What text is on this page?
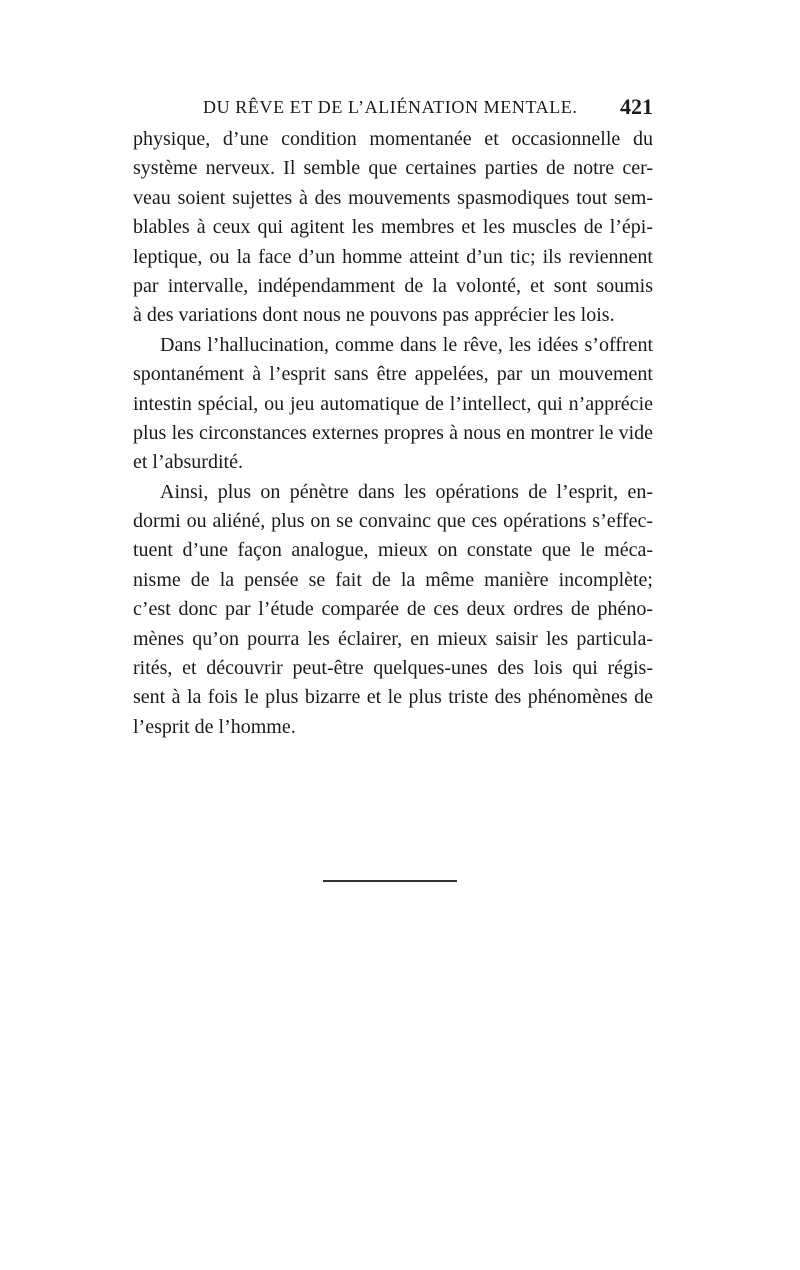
DU RÊVE ET DE L’ALIÉNATION MENTALE. 421
physique, d’une condition momentanée et occasionnelle du
système nerveux. Il semble que certaines parties de notre cer-
veau soient sujettes à des mouvements spasmodiques tout sem-
blables à ceux qui agitent les membres et les muscles de l’épi-
leptique, ou la face d’un homme atteint d’un tic; ils reviennent
par intervalle, indépendamment de la volonté, et sont soumis
à des variations dont nous ne pouvons pas apprécier les lois.
Dans l’hallucination, comme dans le rêve, les idées s’offrent
spontanément à l’esprit sans être appelées, par un mouvement
intestin spécial, ou jeu automatique de l’intellect, qui n’apprécie
plus les circonstances externes propres à nous en montrer le vide
et l’absurdité.
Ainsi, plus on pénètre dans les opérations de l’esprit, en-
dormi ou aliéné, plus on se convainc que ces opérations s’effec-
tuent d’une façon analogue, mieux on constate que le méca-
nisme de la pensée se fait de la même manière incomplète;
c’est donc par l’étude comparée de ces deux ordres de phéno-
mènes qu’on pourra les éclairer, en mieux saisir les particula-
rités, et découvrir peut-être quelques-unes des lois qui régis-
sent à la fois le plus bizarre et le plus triste des phénomènes de
l’esprit de l’homme.
